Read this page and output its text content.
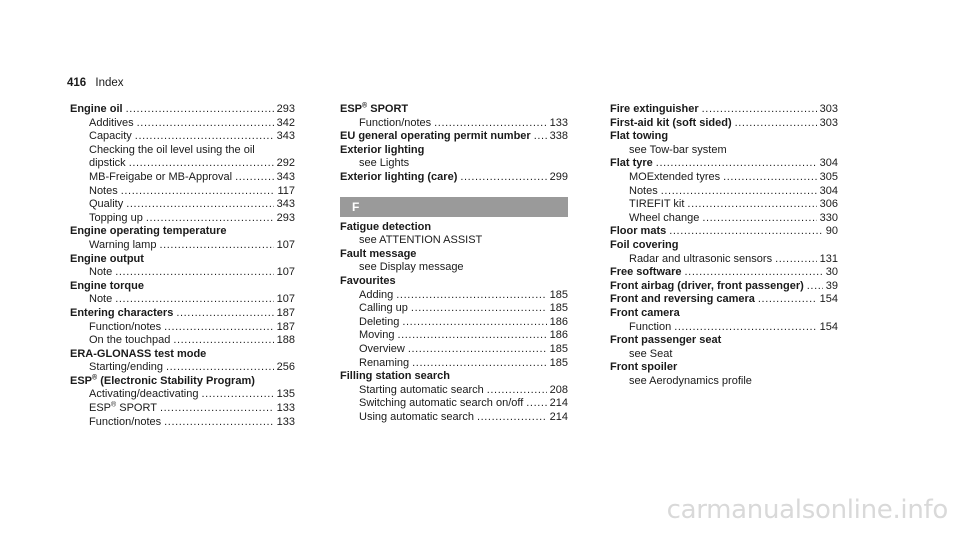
416 Index
Engine oil .....	293
Additives .....	342
Capacity .....	343
Checking the oil level using the oil
dipstick .....	292
MB-Freigabe or MB-Approval .....	343
Notes .....	117
Quality .....	343
Topping up .....	293
Engine operating temperature
Warning lamp .....	107
Engine output
Note .....	107
Engine torque
Note .....	107
Entering characters .....	187
Function/notes .....	187
On the touchpad .....	188
ERA-GLONASS test mode
Starting/ending .....	256
ESP® (Electronic Stability Program)
Activating/deactivating .....	135
ESP® SPORT .....	133
Function/notes .....	133
ESP® SPORT
Function/notes .....	133
EU general operating permit number ..... 338
Exterior lighting
see Lights
Exterior lighting (care) .....	299
F
Fatigue detection
see ATTENTION ASSIST
Fault message
see Display message
Favourites
Adding .....	185
Calling up .....	185
Deleting .....	186
Moving .....	186
Overview .....	185
Renaming .....	185
Filling station search
Starting automatic search .....	208
Switching automatic search on/off ..... 214
Using automatic search .....	214
Fire extinguisher .....	303
First-aid kit (soft sided) .....	303
Flat towing
see Tow-bar system
Flat tyre .....	304
MOExtended tyres .....	305
Notes .....	304
TIREFIT kit .....	306
Wheel change .....	330
Floor mats .....	90
Foil covering
Radar and ultrasonic sensors .....	131
Free software .....	30
Front airbag (driver, front passenger) ..... 39
Front and reversing camera .....	154
Front camera
Function .....	154
Front passenger seat
see Seat
Front spoiler
see Aerodynamics profile
carmanualsonline.info
